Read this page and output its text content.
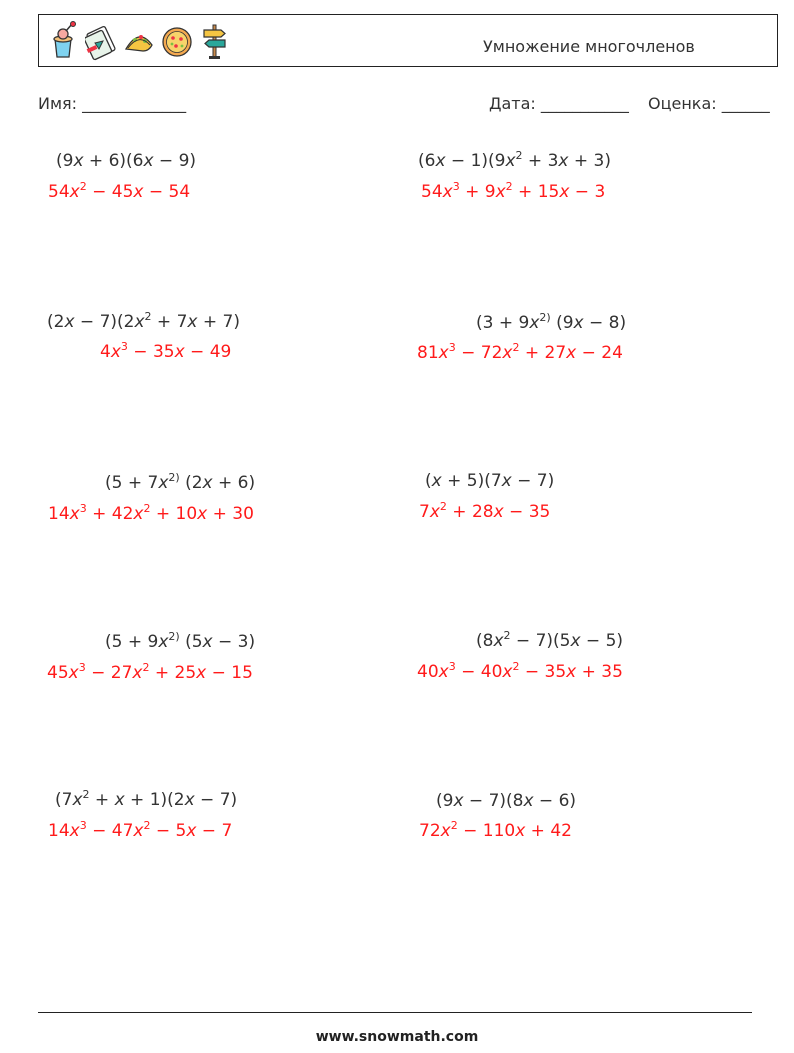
Умножение многочленов
Имя: _____________	Дата: ___________ Оценка: ______
(9x + 6)(6x − 9)
$54x^2 - 45x - 54$
$(6x - 1)(9x^2 + 3x + 3)$
$54x^3 + 9x^2 + 15x - 3$
$(2x - 7)(2x^2 + 7x + 7)$
$4x^3 - 35x - 49$
($3 + 9x^{2)}$ (9x − 8)
$81x^3 - 72x^2 + 27x - 24$
($5 + 7x^{2)}$ (2x + 6)
$14x^3 + 42x^2 + 10x + 30$
(x + 5)(7x − 7)
$7x^2 + 28x - 35$
($5 + 9x^{2)}$ (5x − 3)
$45x^3 - 27x^2 + 25x - 15$
$(8x^2 - 7)(5x - 5)$
$40x^3 - 40x^2 - 35x + 35$
$(7x^2 + x + 1)(2x - 7)$
$14x^3 - 47x^2 - 5x - 7$
(9x − 7)(8x − 6)
$72x^2 - 110x + 42$
www.snowmath.com
